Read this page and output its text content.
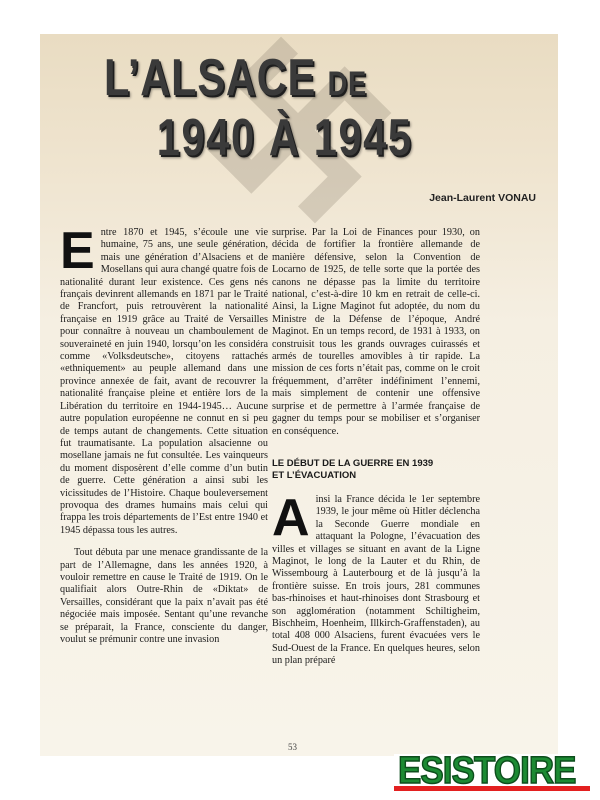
L’ALSACE DE
1940 À 1945

Jean-Laurent VONAU

Entre 1870 et 1945, s’écoule une vie humaine, 75 ans, une seule génération, mais une génération d’Alsaciens et de Mosellans qui aura changé quatre fois de nationalité durant leur existence. Ces gens nés français devinrent allemands en 1871 par le Traité de Francfort, puis retrouvèrent la nationalité française en 1919 grâce au Traité de Versailles pour connaître à nouveau un chamboulement de souveraineté en juin 1940, lorsqu’on les considéra comme «Volksdeutsche», citoyens rattachés «ethniquement» au peuple allemand dans une province annexée de fait, avant de recouvrer la nationalité française pleine et entière lors de la Libération du territoire en 1944-1945… Aucune autre population européenne ne connut en si peu de temps autant de changements. Cette situation fut traumatisante. La population alsacienne ou mosellane jamais ne fut consultée. Les vainqueurs du moment disposèrent d’elle comme d’un butin de guerre. Cette génération a ainsi subi les vicissitudes de l’Histoire. Chaque bouleversement provoqua des drames humains mais celui qui frappa les trois départements de l’Est entre 1940 et 1945 dépassa tous les autres.

Tout débuta par une menace grandissante de la part de l’Allemagne, dans les années 1920, à vouloir remettre en cause le Traité de 1919. On le qualifiait alors Outre-Rhin de «Diktat» de Versailles, considérant que la paix n’avait pas été négociée mais imposée. Sentant qu’une revanche se préparait, la France, consciente du danger, voulut se prémunir contre une invasion

surprise. Par la Loi de Finances pour 1930, on décida de fortifier la frontière allemande de manière défensive, selon la Convention de Locarno de 1925, de telle sorte que la portée des canons ne dépasse pas la limite du territoire national, c’est-à-dire 10 km en retrait de celle-ci. Ainsi, la Ligne Maginot fut adoptée, du nom du Ministre de la Défense de l’époque, André Maginot. En un temps record, de 1931 à 1933, on construisit tous les grands ouvrages cuirassés et armés de tourelles amovibles à tir rapide. La mission de ces forts n’était pas, comme on le croit fréquemment, d’arrêter indéfiniment l’ennemi, mais simplement de contenir une offensive surprise et de permettre à l’armée française de gagner du temps pour se mobiliser et s’organiser en conséquence.

LE DÉBUT DE LA GUERRE EN 1939
ET L’ÉVACUATION

Ainsi la France décida le 1er septembre 1939, le jour même où Hitler déclencha la Seconde Guerre mondiale en attaquant la Pologne, l’évacuation des villes et villages se situant en avant de la Ligne Maginot, le long de la Lauter et du Rhin, de Wissembourg à Lauterbourg et de là jusqu’à la frontière suisse. En trois jours, 281 communes bas-rhinoises et haut-rhinoises dont Strasbourg et son agglomération (notamment Schiltigheim, Bischheim, Hoenheim, Illkirch-Graffenstaden), au total 408 000 Alsaciens, furent évacuées vers le Sud-Ouest de la France. En quelques heures, selon un plan préparé

53
ESISTOIRE
